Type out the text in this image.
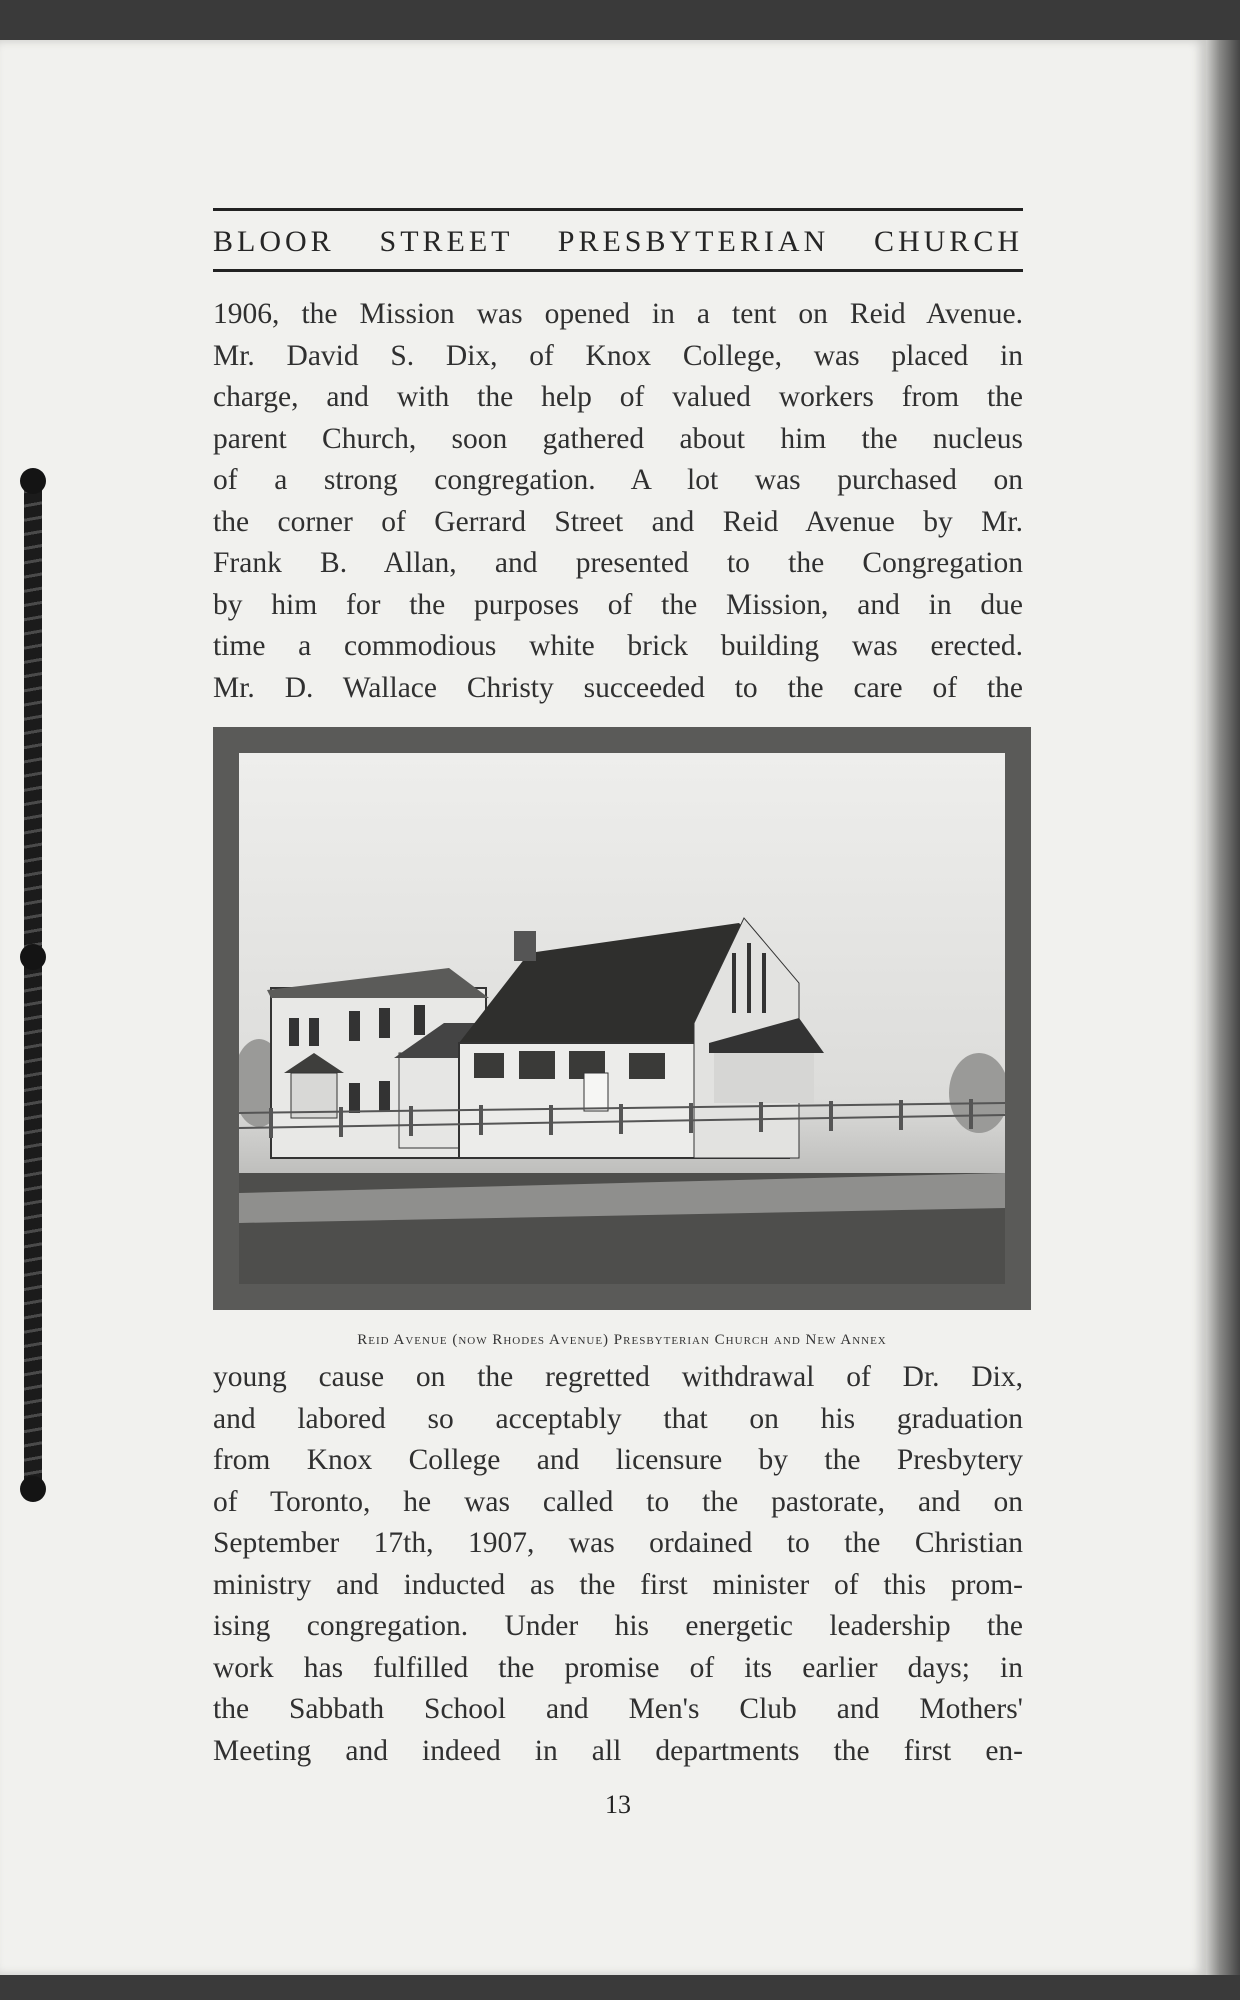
BLOOR STREET PRESBYTERIAN CHURCH
1906, the Mission was opened in a tent on Reid Avenue.
Mr. David S. Dix, of Knox College, was placed in
charge, and with the help of valued workers from the
parent Church, soon gathered about him the nucleus
of a strong congregation. A lot was purchased on
the corner of Gerrard Street and Reid Avenue by Mr.
Frank B. Allan, and presented to the Congregation
by him for the purposes of the Mission, and in due
time a commodious white brick building was erected.
Mr. D. Wallace Christy succeeded to the care of the
Reid Avenue (now Rhodes Avenue) Presbyterian Church and New Annex
young cause on the regretted withdrawal of Dr. Dix,
and labored so acceptably that on his graduation
from Knox College and licensure by the Presbytery
of Toronto, he was called to the pastorate, and on
September 17th, 1907, was ordained to the Christian
ministry and inducted as the first minister of this prom-
ising congregation. Under his energetic leadership the
work has fulfilled the promise of its earlier days; in
the Sabbath School and Men's Club and Mothers'
Meeting and indeed in all departments the first en-
13
